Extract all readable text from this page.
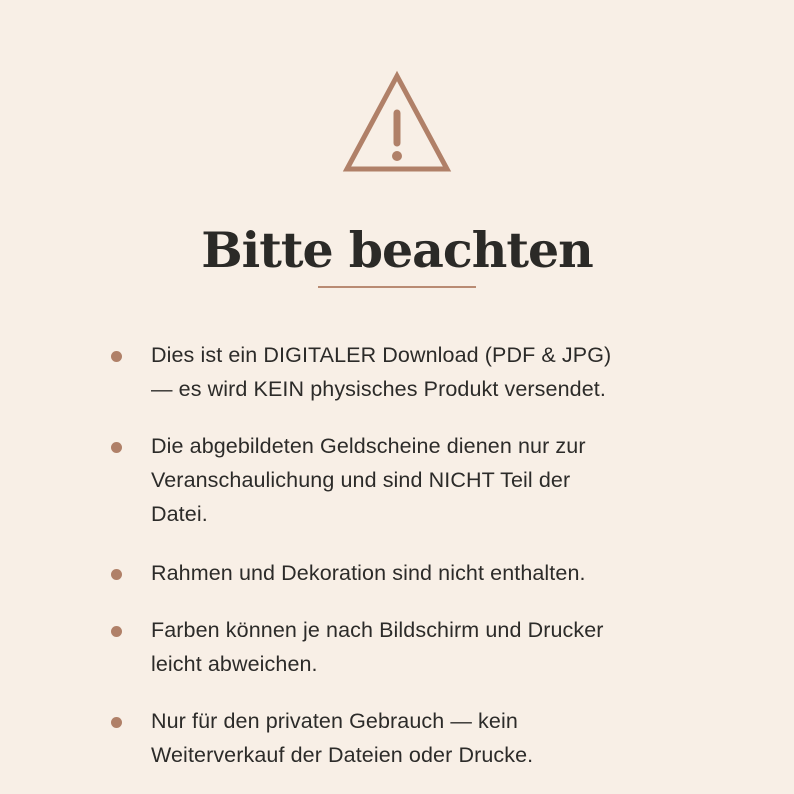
Bitte beachten
Dies ist ein DIGITALER Download (PDF & JPG)
— es wird KEIN physisches Produkt versendet.
Die abgebildeten Geldscheine dienen nur zur
Veranschaulichung und sind NICHT Teil der
Datei.
Rahmen und Dekoration sind nicht enthalten.
Farben können je nach Bildschirm und Drucker
leicht abweichen.
Nur für den privaten Gebrauch — kein
Weiterverkauf der Dateien oder Drucke.
